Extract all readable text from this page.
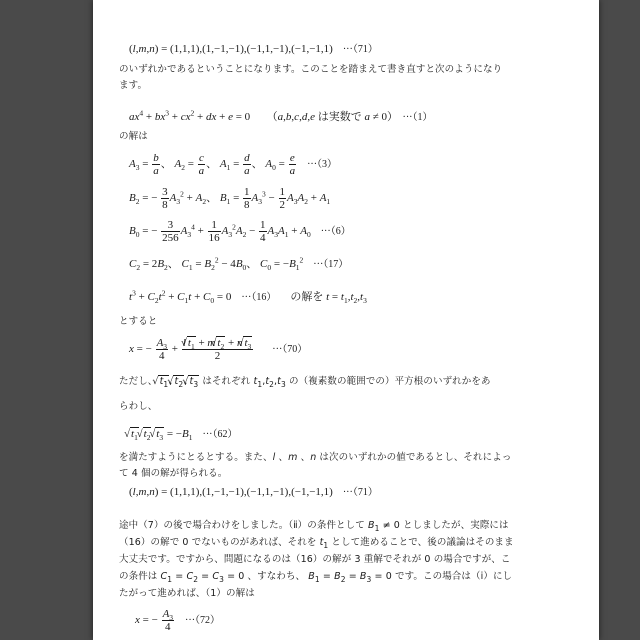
(l,m,n) = (1,1,1),(1,−1,−1),(−1,1,−1),(−1,−1,1) ···（71）
のいずれかであるということになります。このことを踏まえて書き直すと次のようになり
ます。
$ax^4 + bx^3 + cx^2$ + dx + e = 0　　（a,b,c,d,e は実数で a ≠ 0） ···（1）
の解は
$A_3 = \frac{b}{a}$ 、 $A_2 = \frac{c}{a}$ 、 $A_1 = \frac{d}{a}$ 、 $A_0 = \frac{e}{a} \cdot\cdot\cdot(3)$
$B_2$ = − $\frac{3}{8} A_3^2 + A_2$、 $B_1 = \frac{1}{8} A_3^3 - \frac{1}{2} A_3A_2 + A_1$
$B_0$ = − $\frac{3}{256} A_3^4 + \frac{1}{16} A_3^2A_2 - \frac{1}{4} A_3A_1 + A_0 \cdot\cdot\cdot(6)$
$C_2 = 2B_2$、 $C_1 = B_2^2 - 4B_0$、 $C_0 = -B_1^2 \cdot\cdot\cdot(17)$
$t^3 + C_2t^2 + C_1t + C_0 = 0 \cdot\cdot\cdot(16)$ の解を $t = t_1,t_2,t_3$
とすると
x = − $\frac{A_3}{4} + \frac{l√ t_1 + m√ t_2 + n√ t_3}{2} \cdot\cdot\cdot(70)$
ただし、√ $t_1,√$ $t_2,√$ $t_3$ はそれぞれ $t_1,t_2,t_3$ の（複素数の範囲での）平方根のいずれかをあ
らわし、
√ $t_1$ √ $t_2$ √ $t_3 = -B_1 \cdot\cdot\cdot(62)$
を満たすようにとるとする。また、l 、m 、n は次のいずれかの値であるとし、それによっ
て 4 個の解が得られる。
(l,m,n) = (1,1,1),(1,−1,−1),(−1,1,−1),(−1,−1,1) ···（71）
途中（7）の後で場合わけをしました。（ⅱ）の条件として $B_1 \ne 0$ としましたが、実際には
（16）の解で 0 でないものがあれば、それを $t_1$ として進めることで、後の議論はそのまま
大丈夫です。ですから、問題になるのは（16）の解が 3 重解でそれが 0 の場合ですが、こ
の条件は $C_1 = C_2 = C_3 = 0$ 、すなわち、 $B_1 = B_2 = B_3 = 0$ です。この場合は（ⅰ）にし
たがって進めれば、（1）の解は
x = − $\frac{A_3}{4} \cdot\cdot\cdot(72)$
